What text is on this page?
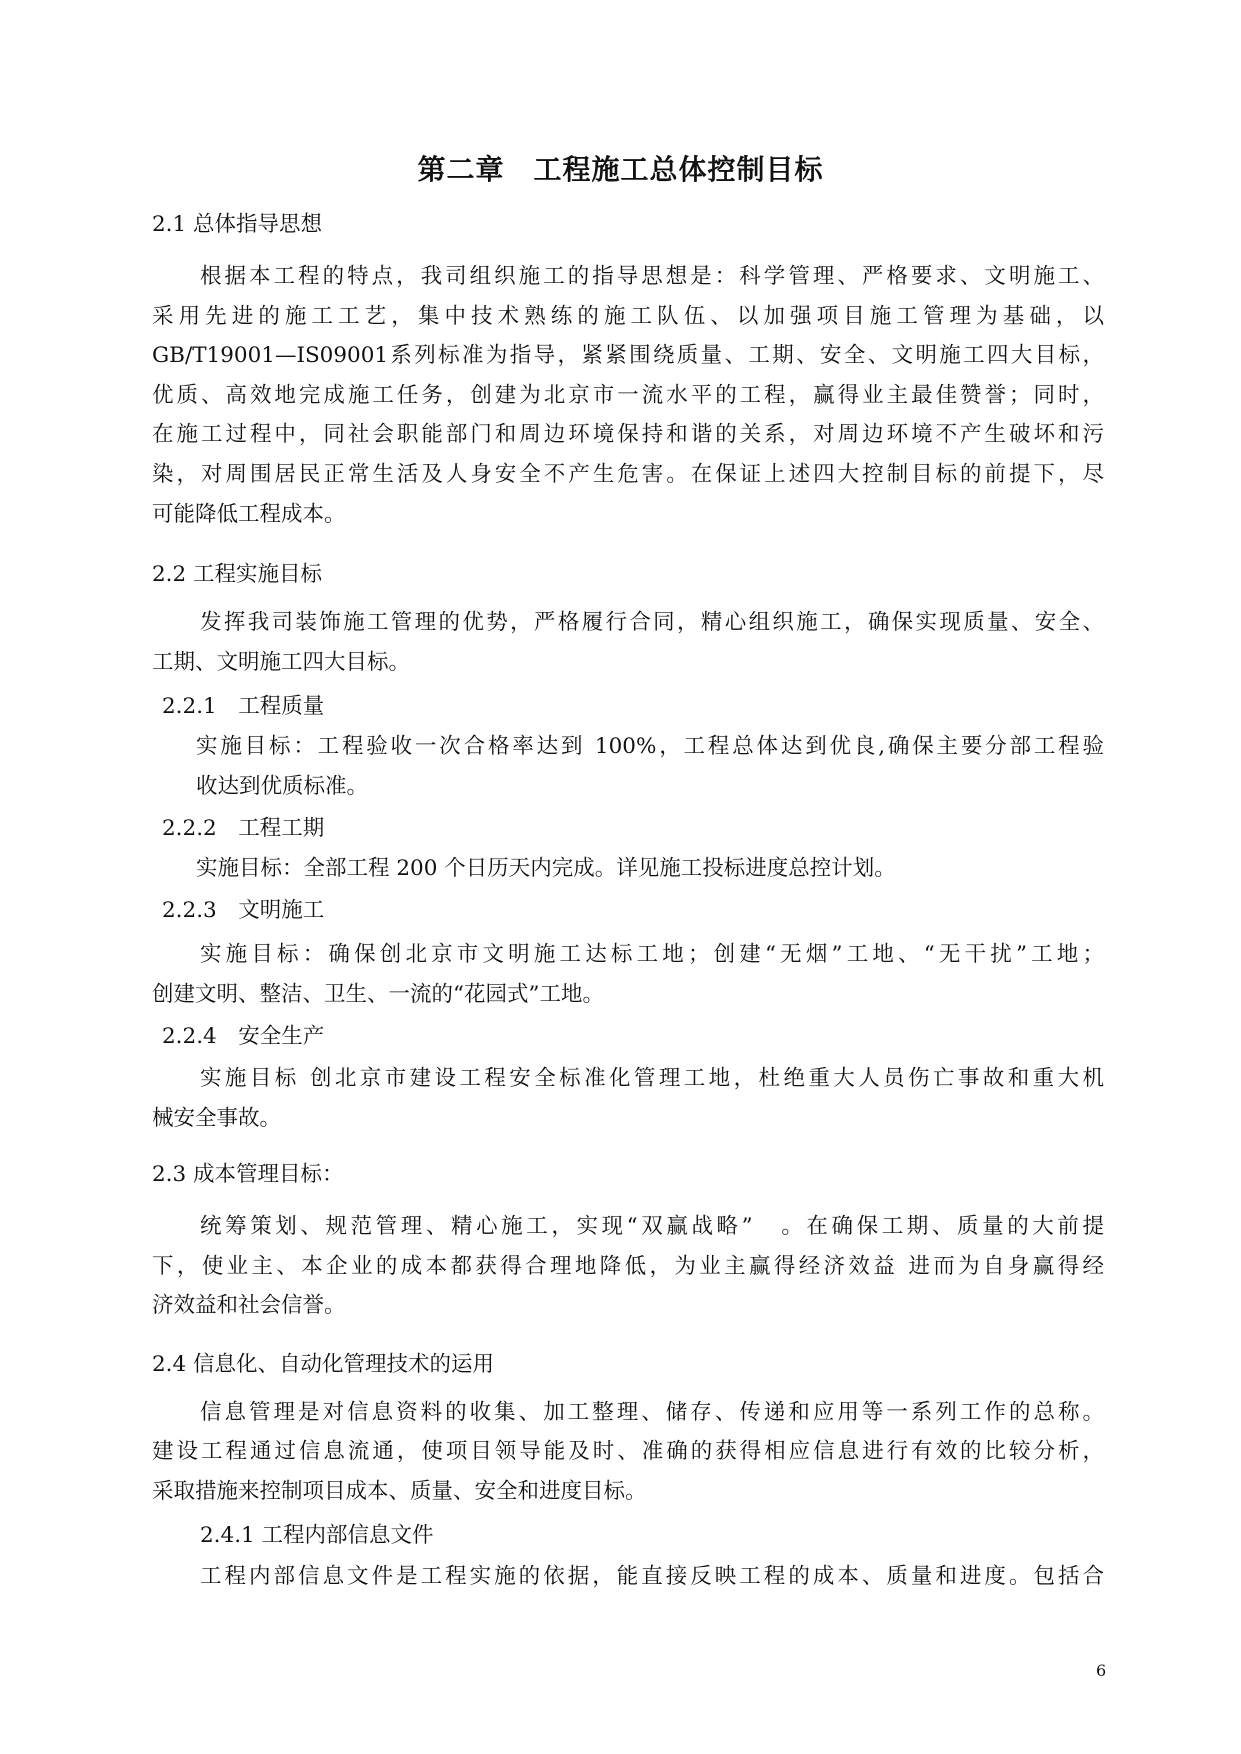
第二章　工程施工总体控制目标
2.1 总体指导思想
根据本工程的特点，我司组织施工的指导思想是：科学管理、严格要求、文明施工、
采用先进的施工工艺，集中技术熟练的施工队伍、以加强项目施工管理为基础，以
GB/T19001—IS09001系列标准为指导，紧紧围绕质量、工期、安全、文明施工四大目标，
优质、高效地完成施工任务，创建为北京市一流水平的工程，赢得业主最佳赞誉；同时，
在施工过程中，同社会职能部门和周边环境保持和谐的关系，对周边环境不产生破坏和污
染，对周围居民正常生活及人身安全不产生危害。在保证上述四大控制目标的前提下，尽
可能降低工程成本。
2.2 工程实施目标
发挥我司装饰施工管理的优势，严格履行合同，精心组织施工，确保实现质量、安全、
工期、文明施工四大目标。
2.2.1　工程质量
实施目标：工程验收一次合格率达到 100%，工程总体达到优良,确保主要分部工程验
收达到优质标准。
2.2.2　工程工期
实施目标：全部工程 200 个日历天内完成。详见施工投标进度总控计划。
2.2.3　文明施工
实施目标：确保创北京市文明施工达标工地；创建“无烟”工地、“无干扰”工地；
创建文明、整洁、卫生、一流的“花园式”工地。
2.2.4　安全生产
实施目标 创北京市建设工程安全标准化管理工地，杜绝重大人员伤亡事故和重大机
械安全事故。
2.3 成本管理目标：
统筹策划、规范管理、精心施工，实现“双赢战略”　。在确保工期、质量的大前提
下，使业主、本企业的成本都获得合理地降低，为业主赢得经济效益 进而为自身赢得经
济效益和社会信誉。
2.4 信息化、自动化管理技术的运用
信息管理是对信息资料的收集、加工整理、储存、传递和应用等一系列工作的总称。
建设工程通过信息流通，使项目领导能及时、准确的获得相应信息进行有效的比较分析，
采取措施来控制项目成本、质量、安全和进度目标。
2.4.1 工程内部信息文件
工程内部信息文件是工程实施的依据，能直接反映工程的成本、质量和进度。包括合
6
